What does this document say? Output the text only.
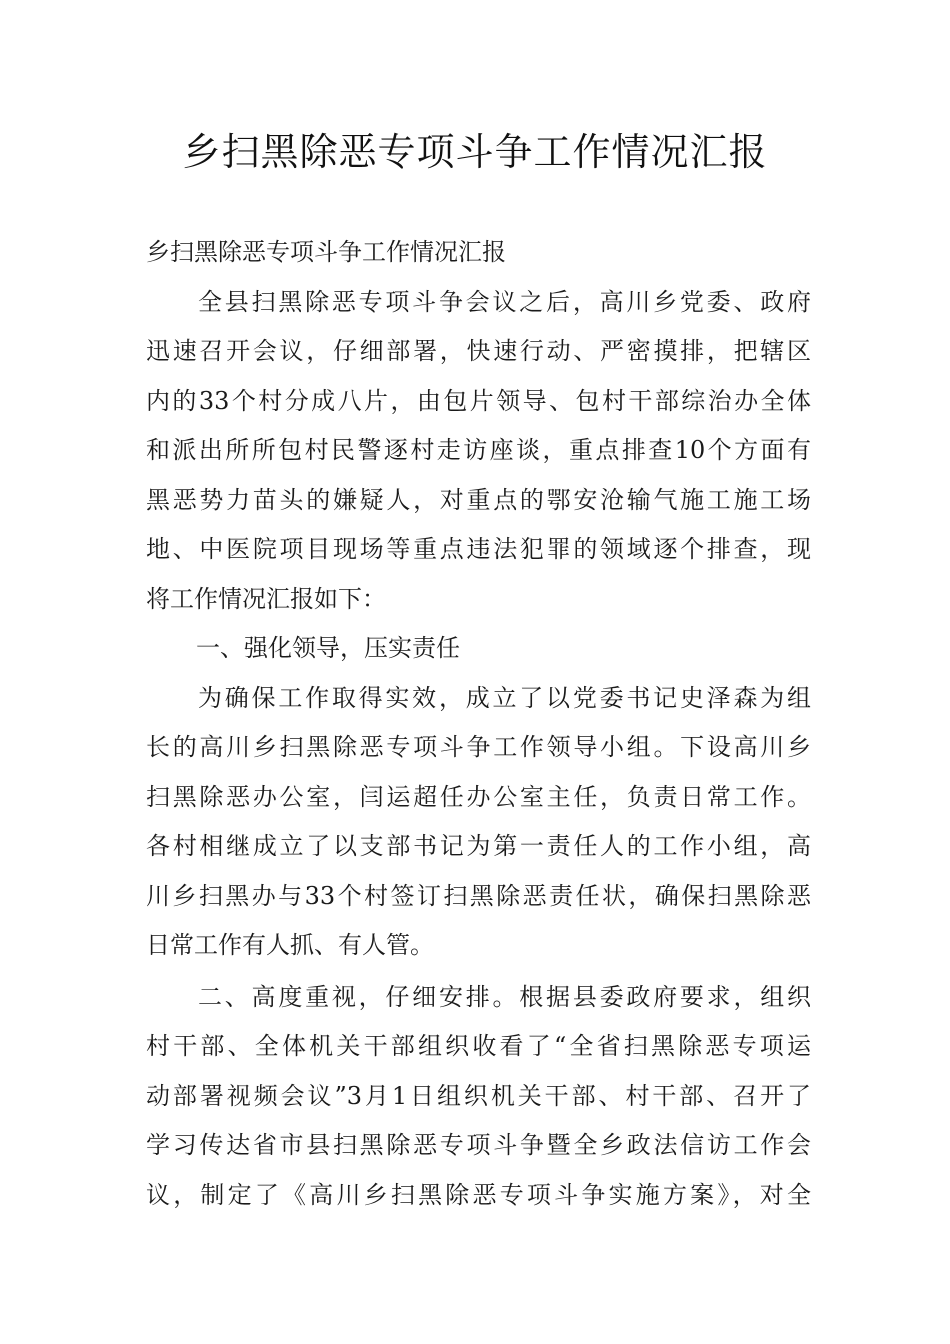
乡扫黑除恶专项斗争工作情况汇报
乡扫黑除恶专项斗争工作情况汇报
全县扫黑除恶专项斗争会议之后，高川乡党委、政府
迅速召开会议，仔细部署，快速行动、严密摸排，把辖区
内的33个村分成八片，由包片领导、包村干部综治办全体
和派出所所包村民警逐村走访座谈，重点排查10个方面有
黑恶势力苗头的嫌疑人，对重点的鄂安沧输气施工施工场
地、中医院项目现场等重点违法犯罪的领域逐个排查，现
将工作情况汇报如下：
一、强化领导，压实责任
为确保工作取得实效，成立了以党委书记史泽森为组
长的高川乡扫黑除恶专项斗争工作领导小组。下设高川乡
扫黑除恶办公室，闫运超任办公室主任，负责日常工作。
各村相继成立了以支部书记为第一责任人的工作小组，高
川乡扫黑办与33个村签订扫黑除恶责任状，确保扫黑除恶
日常工作有人抓、有人管。
二、高度重视，仔细安排。根据县委政府要求，组织
村干部、全体机关干部组织收看了“全省扫黑除恶专项运
动部署视频会议”3月1日组织机关干部、村干部、召开了
学习传达省市县扫黑除恶专项斗争暨全乡政法信访工作会
议，制定了《高川乡扫黑除恶专项斗争实施方案》，对全
